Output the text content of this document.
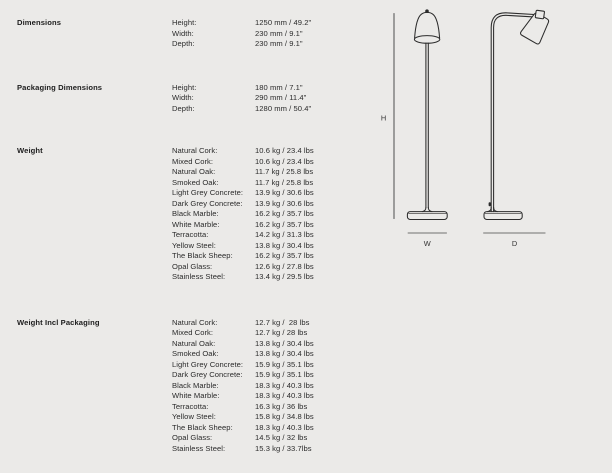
Dimensions	Height:	1250 mm / 49.2"
Width:	230 mm / 9.1"
Depth:	230 mm / 9.1"
Packaging Dimensions	Height:	180 mm / 7.1"
Width:	290 mm / 11.4"
Depth:	1280 mm / 50.4"
Weight	Natural Cork:	10.6 kg / 23.4 lbs
Mixed Cork:	10.6 kg / 23.4 lbs
Natural Oak:	11.7 kg / 25.8 lbs
Smoked Oak:	11.7 kg / 25.8 lbs
Light Grey Concrete:	13.9 kg / 30.6 lbs
Dark Grey Concrete:	13.9 kg / 30.6 lbs
Black Marble:	16.2 kg / 35.7 lbs
White Marble:	16.2 kg / 35.7 lbs
Terracotta:	14.2 kg / 31.3 lbs
Yellow Steel:	13.8 kg / 30.4 lbs
The Black Sheep:	16.2 kg / 35.7 lbs
Opal Glass:	12.6 kg / 27.8 lbs
Stainless Steel:	13.4 kg / 29.5 lbs
Weight Incl Packaging	Natural Cork:	12.7 kg /  28 lbs
Mixed Cork:	12.7 kg / 28 lbs
Natural Oak:	13.8 kg / 30.4 lbs
Smoked Oak:	13.8 kg / 30.4 lbs
Light Grey Concrete:	15.9 kg / 35.1 lbs
Dark Grey Concrete:	15.9 kg / 35.1 lbs
Black Marble:	18.3 kg / 40.3 lbs
White Marble:	18.3 kg / 40.3 lbs
Terracotta:	16.3 kg / 36 lbs
Yellow Steel:	15.8 kg / 34.8 lbs
The Black Sheep:	18.3 kg / 40.3 lbs
Opal Glass:	14.5 kg / 32 lbs
Stainless Steel:	15.3 kg / 33.7lbs
H
W	D
